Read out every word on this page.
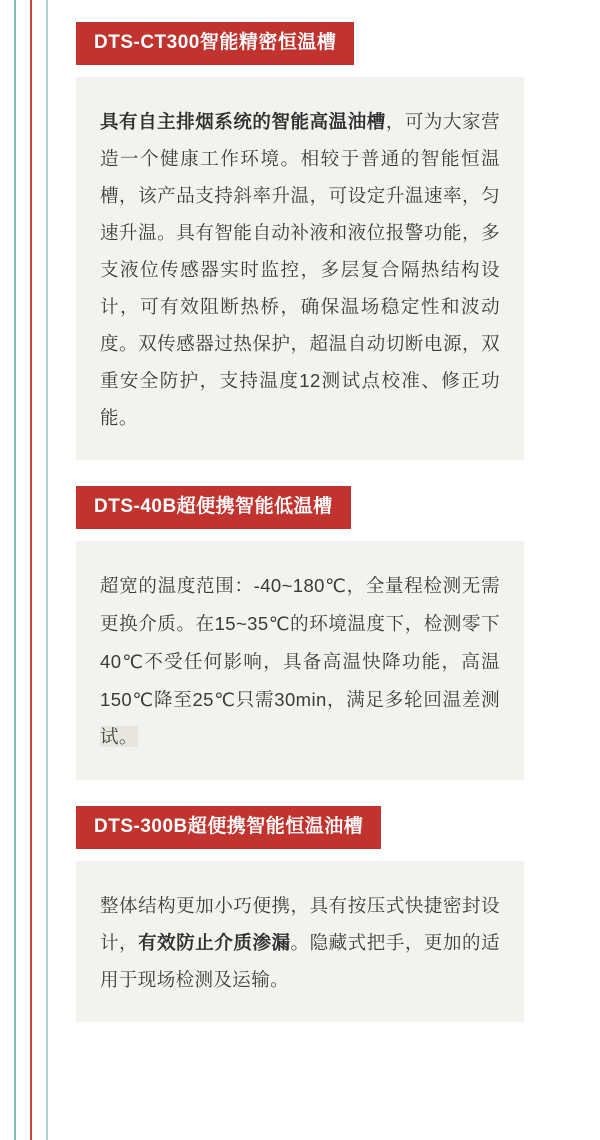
DTS-CT300智能精密恒温槽

具有自主排烟系统的智能高温油槽，可为大家营造一个健康工作环境。相较于普通的智能恒温槽，该产品支持斜率升温，可设定升温速率，匀速升温。具有智能自动补液和液位报警功能，多支液位传感器实时监控，多层复合隔热结构设计，可有效阻断热桥，确保温场稳定性和波动度。双传感器过热保护，超温自动切断电源，双重安全防护，支持温度12测试点校准、修正功能。

DTS-40B超便携智能低温槽

超宽的温度范围：-40~180℃，全量程检测无需更换介质。在15~35℃的环境温度下，检测零下40℃不受任何影响，具备高温快降功能，高温150℃降至25℃只需30min，满足多轮回温差测试。

DTS-300B超便携智能恒温油槽

整体结构更加小巧便携，具有按压式快捷密封设计，有效防止介质渗漏。隐藏式把手，更加的适用于现场检测及运输。
